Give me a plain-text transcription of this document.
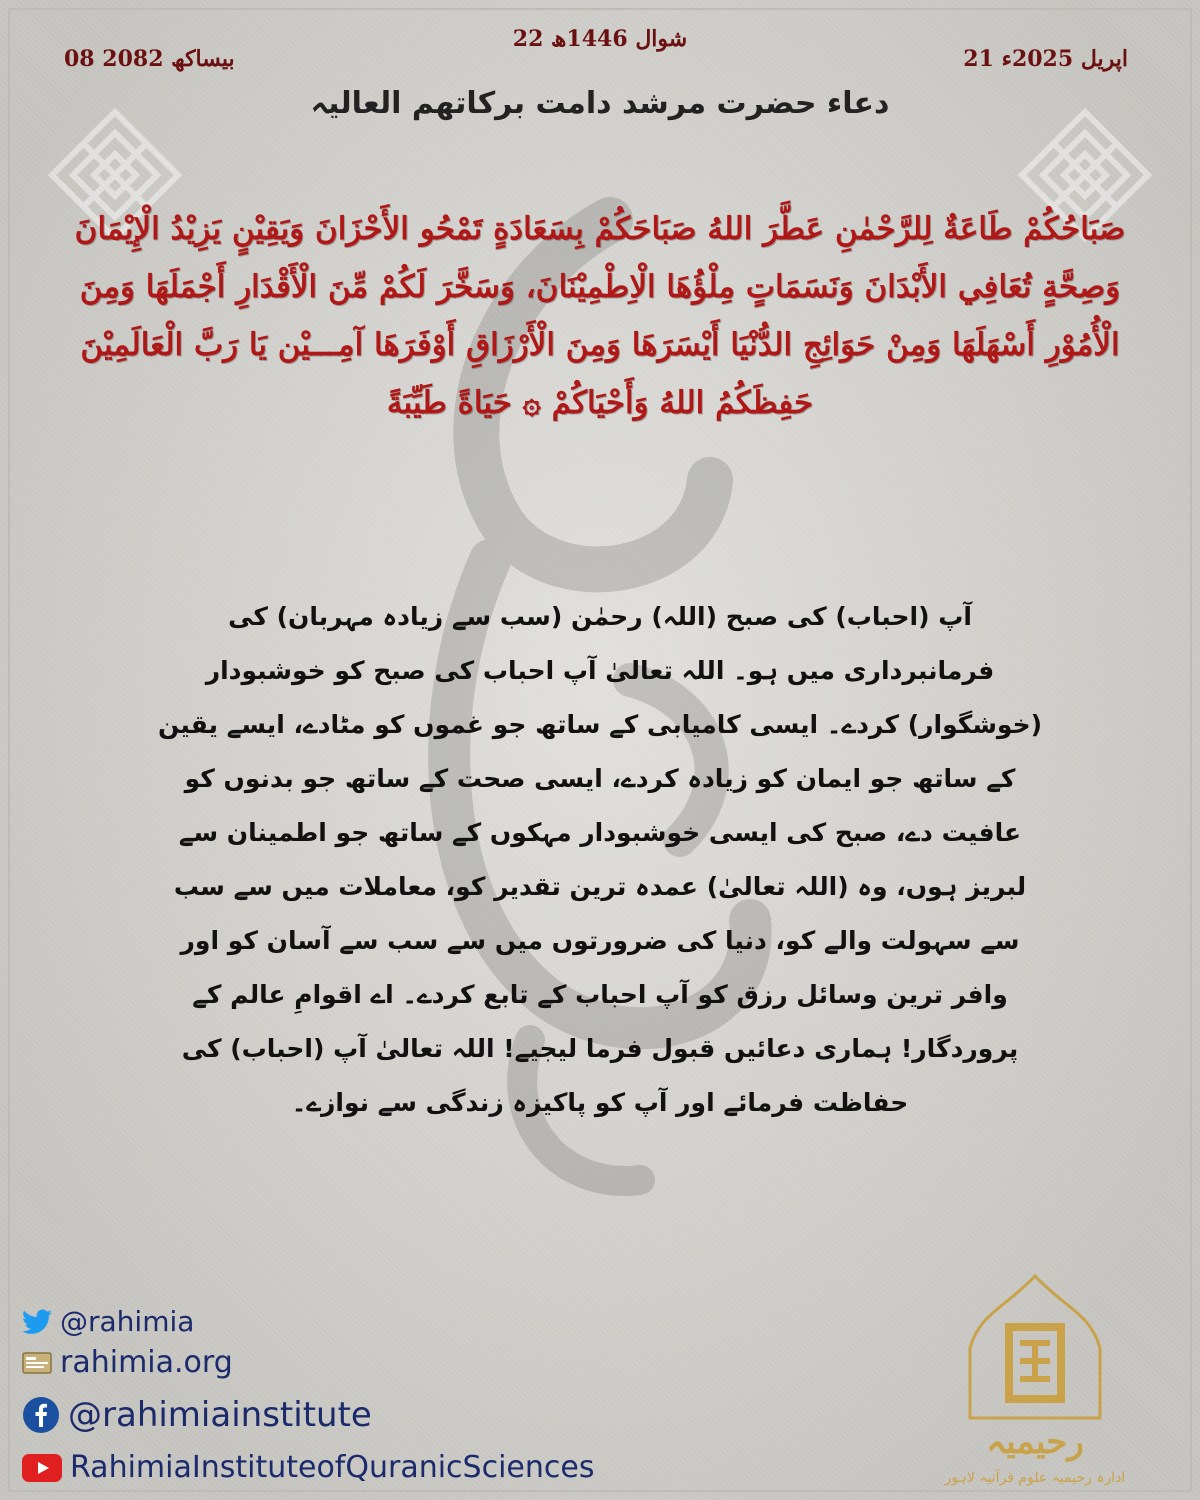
22 شوال 1446ھ
08 بیساکھ 2082	21 اپریل 2025ء
دعاء حضرت مرشد دامت برکاتھم العالیہ
صَبَاحُكُمْ طَاعَةٌ لِلرَّحْمٰنِ عَطَّرَ اللهُ صَبَاحَكُمْ بِسَعَادَةٍ تَمْحُو الأَحْزَانَ وَيَقِيْنٍ يَزِيْدُ الْإِيْمَانَ وَصِحَّةٍ تُعَافِي الأَبْدَانَ وَنَسَمَاتٍ مِلْؤُهَا الْاِطْمِيْنَانَ، وَسَخَّرَ لَكُمْ مِّنَ الْأَقْدَارِ أَجْمَلَهَا وَمِنَ الْأُمُوْرِ أَسْهَلَهَا وَمِنْ حَوَائِجِ الدُّنْيَا أَيْسَرَهَا وَمِنَ الْأَرْزَاقِ أَوْفَرَهَا آمِـــيْن يَا رَبَّ الْعَالَمِيْنَ حَفِظَكُمُ اللهُ وَأَحْيَاكُمْ ۞ حَيَاةً طَيِّبَةً
آپ (احباب) کی صبح (اللہ) رحمٰن (سب سے زیادہ مہربان) کی فرمانبرداری میں ہو۔ اللہ تعالیٰ آپ احباب کی صبح کو خوشبودار (خوشگوار) کردے۔ ایسی کامیابی کے ساتھ جو غموں کو مٹادے، ایسے یقین کے ساتھ جو ایمان کو زیادہ کردے، ایسی صحت کے ساتھ جو بدنوں کو عافیت دے، صبح کی ایسی خوشبودار مہکوں کے ساتھ جو اطمینان سے لبریز ہوں، وہ (اللہ تعالیٰ) عمدہ ترین تقدیر کو، معاملات میں سے سب سے سہولت والے کو، دنیا کی ضرورتوں میں سے سب سے آسان کو اور وافر ترین وسائل رزق کو آپ احباب کے تابع کردے۔ اے اقوامِ عالم کے پروردگار! ہماری دعائیں قبول فرما لیجیے! اللہ تعالیٰ آپ (احباب) کی حفاظت فرمائے اور آپ کو پاکیزہ زندگی سے نوازے۔
@rahimia
rahimia.org
@rahimiainstitute
RahimiaInstituteofQuranicSciences
رحیمیہ
ادارہ رحیمیہ علوم قرآنیہ لاہور
